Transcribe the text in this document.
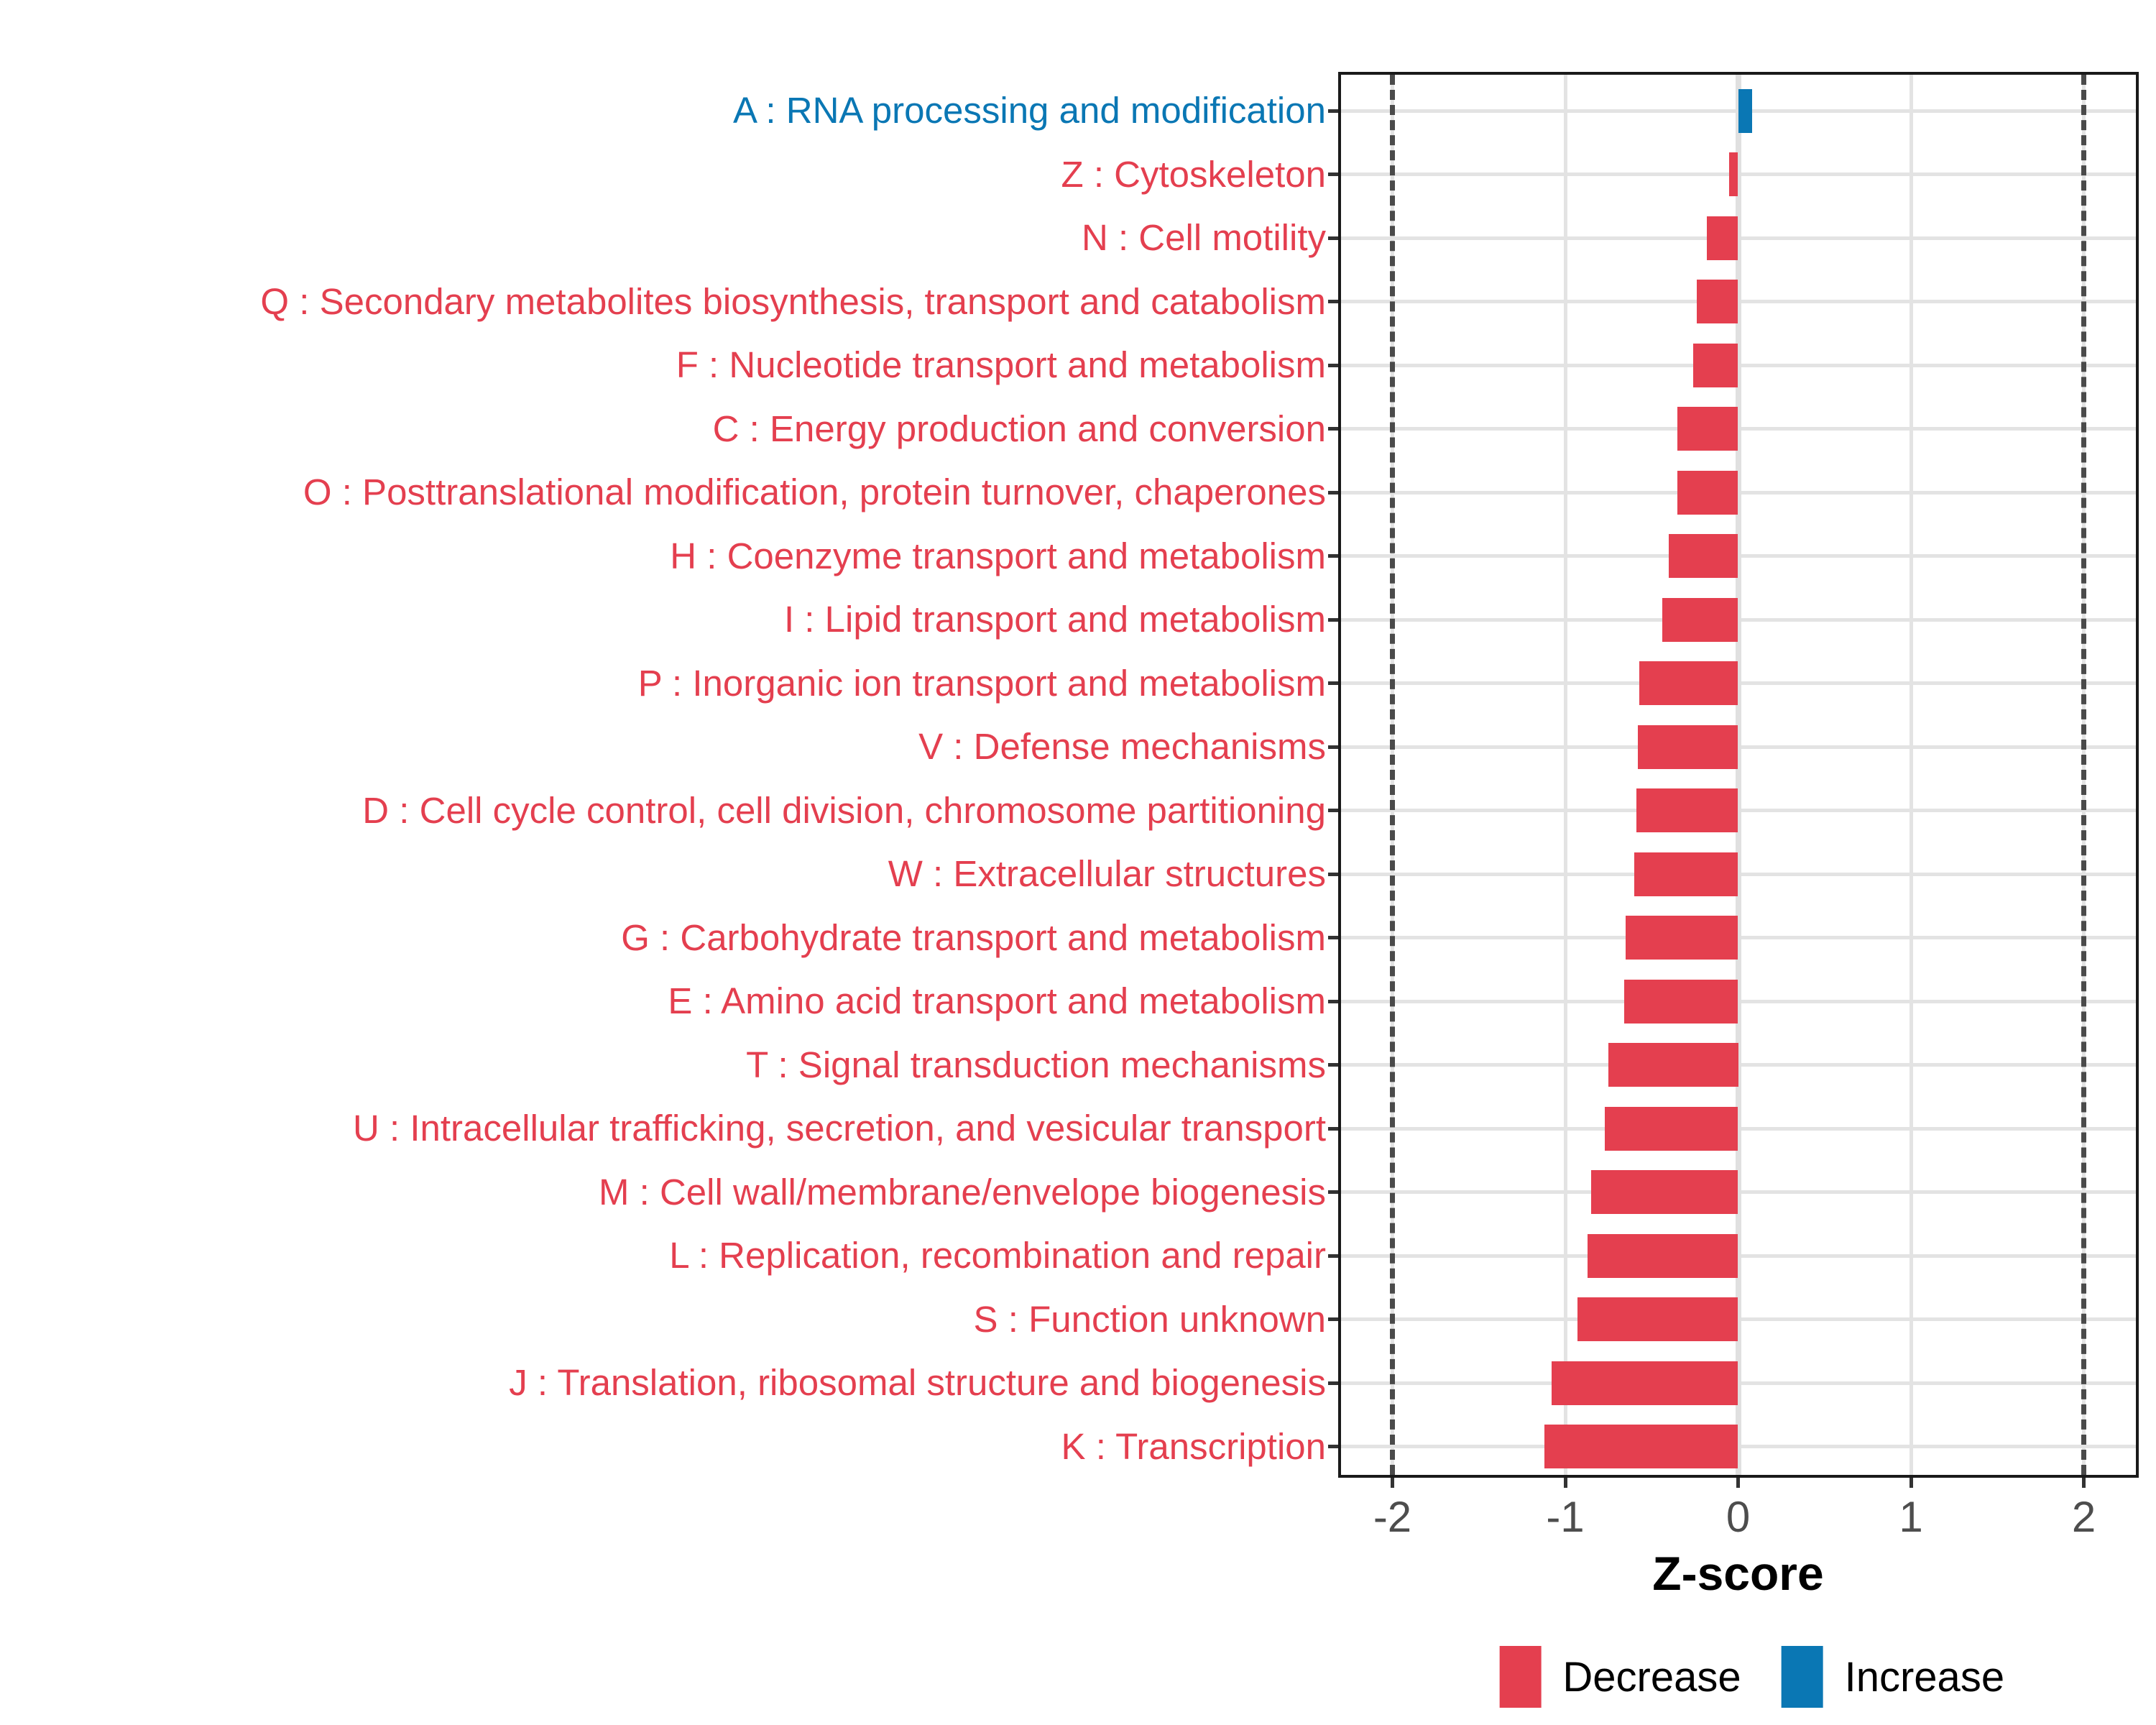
A : RNA processing and modification
Z : Cytoskeleton
N : Cell motility
Q : Secondary metabolites biosynthesis, transport and catabolism
F : Nucleotide transport and metabolism
C : Energy production and conversion
O : Posttranslational modification, protein turnover, chaperones
H : Coenzyme transport and metabolism
I : Lipid transport and metabolism
P : Inorganic ion transport and metabolism
V : Defense mechanisms
D : Cell cycle control, cell division, chromosome partitioning
W : Extracellular structures
G : Carbohydrate transport and metabolism
E : Amino acid transport and metabolism
T : Signal transduction mechanisms
U : Intracellular trafficking, secretion, and vesicular transport
M : Cell wall/membrane/envelope biogenesis
L : Replication, recombination and repair
S : Function unknown
J : Translation, ribosomal structure and biogenesis
K : Transcription
-2	-1	0	1	2
Z-score
Decrease Increase
